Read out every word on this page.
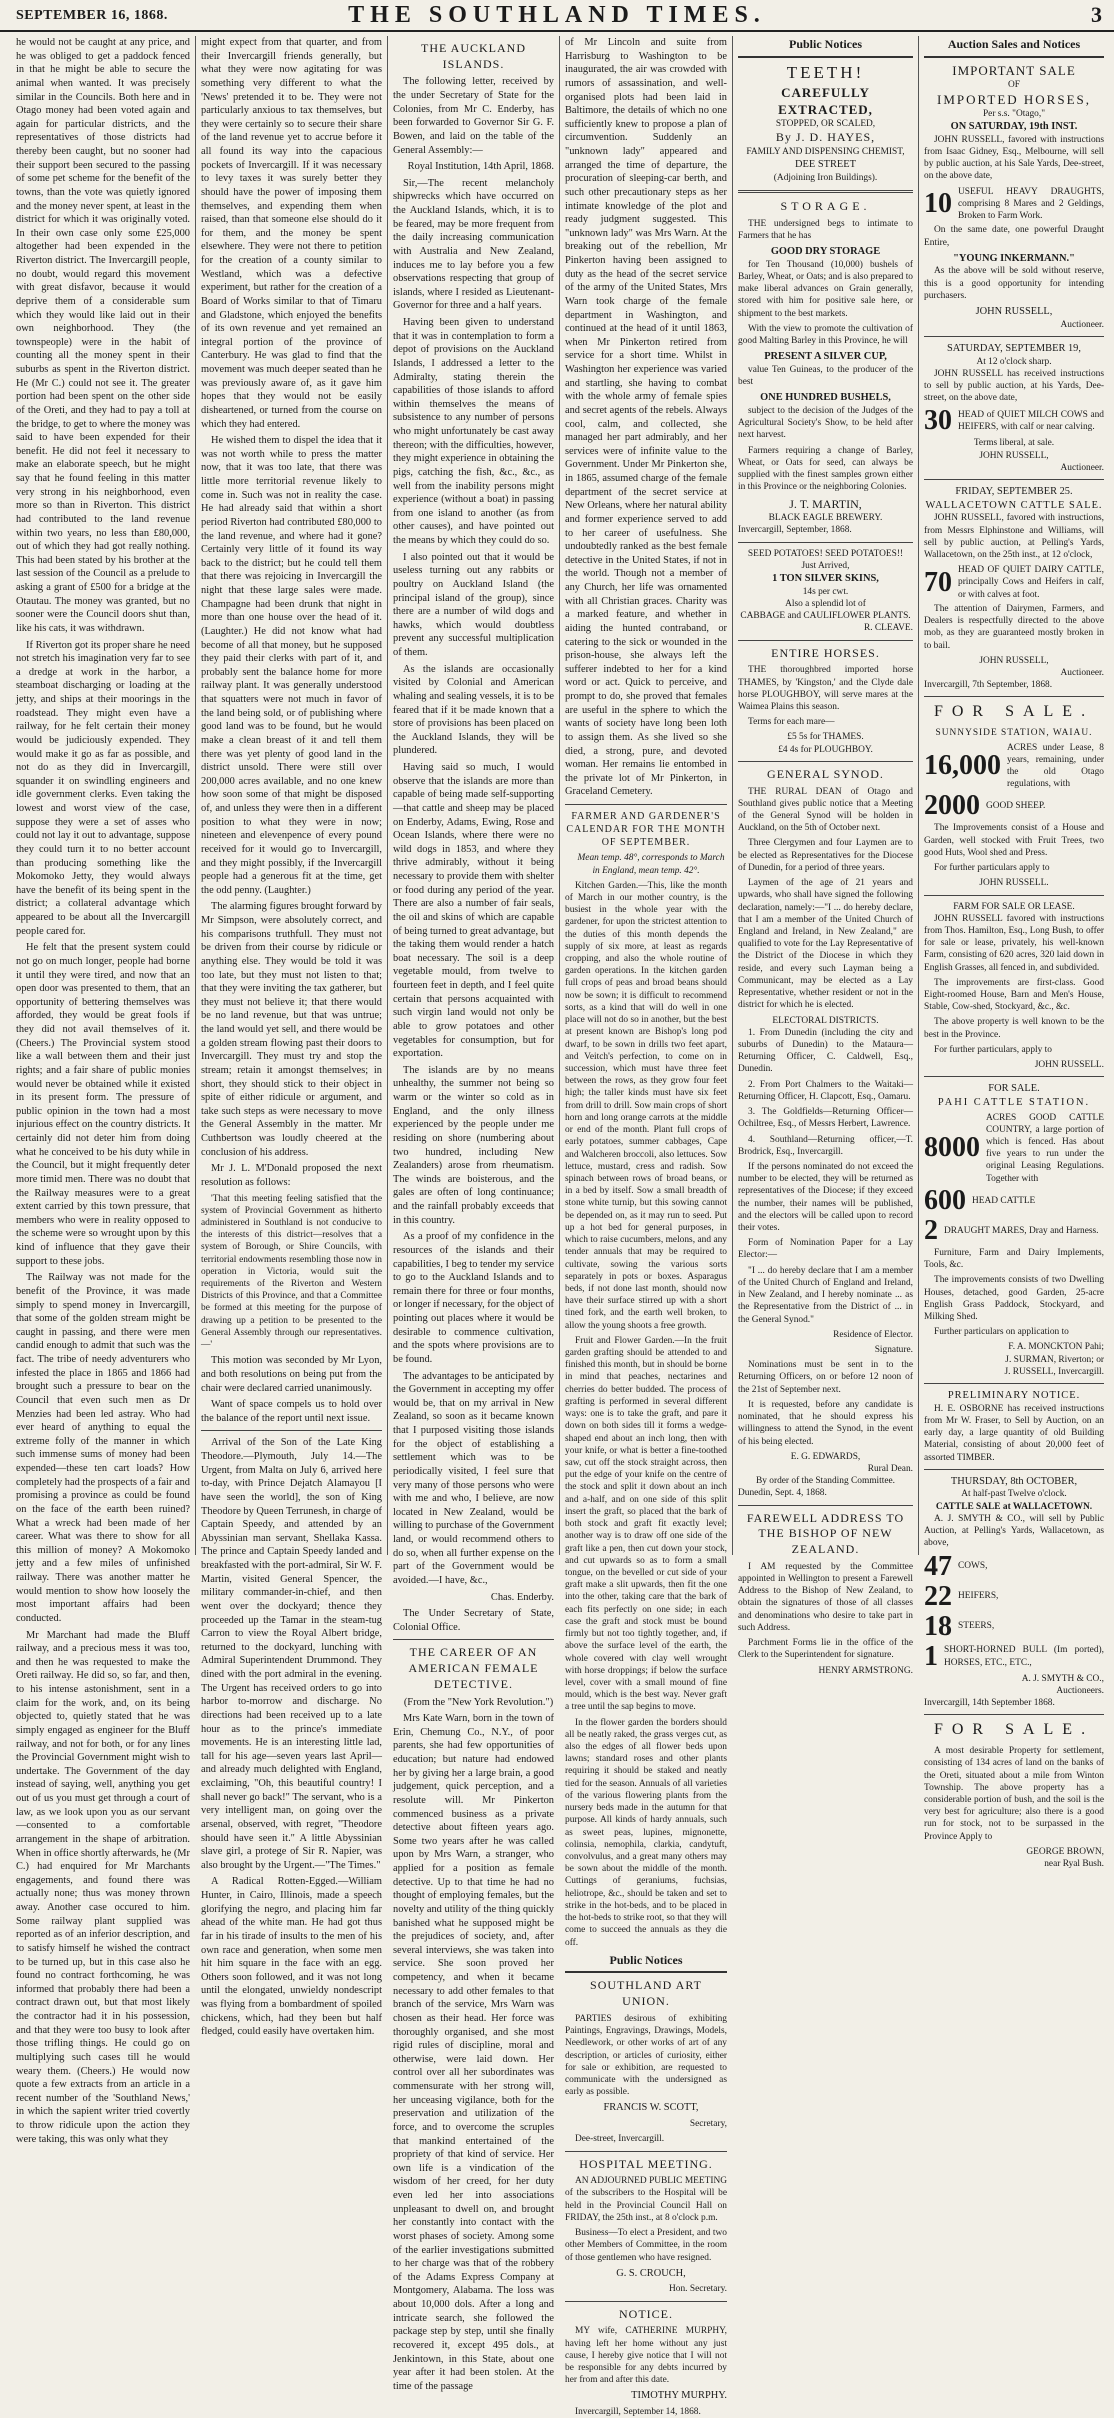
SEPTEMBER 16, 1868.	THE SOUTHLAND TIMES.	3

he would not be caught at any price, and he was obliged to get a paddock fenced in that he might be able to secure the animal when wanted. It was precisely similar in the Councils. Both here and in Otago money had been voted again and again for particular districts, and the representatives of those districts had thereby been caught, but no sooner had their support been secured to the passing of some pet scheme for the benefit of the towns, than the vote was quietly ignored and the money never spent, at least in the district for which it was originally voted. In their own case only some £25,000 altogether had been expended in the Riverton district. The Invercargill people, no doubt, would regard this movement with great disfavor, because it would deprive them of a considerable sum which they would like laid out in their own neighborhood. They (the townspeople) were in the habit of counting all the money spent in their suburbs as spent in the Riverton district. He (Mr C.) could not see it. The greater portion had been spent on the other side of the Oreti, and they had to pay a toll at the bridge, to get to where the money was said to have been expended for their benefit. He did not feel it necessary to make an elaborate speech, but he might say that he found feeling in this matter very strong in his neighborhood, even more so than in Riverton. This district had contributed to the land revenue within two years, no less than £80,000, out of which they had got really nothing. This had been stated by his brother at the last session of the Council as a prelude to asking a grant of £500 for a bridge at the Otautau. The money was granted, but no sooner were the Council doors shut than, like his cats, it was withdrawn.

If Riverton got its proper share he need not stretch his imagination very far to see a dredge at work in the harbor, a steamboat discharging or loading at the jetty, and ships at their moorings in the roadstead. They might even have a railway, for he felt certain their money would be judiciously expended. They would make it go as far as possible, and not do as they did in Invercargill, squander it on swindling engineers and idle government clerks. Even taking the lowest and worst view of the case, suppose they were a set of asses who could not lay it out to advantage, suppose they could turn it to no better account than producing something like the Mokomoko Jetty, they would always have the benefit of its being spent in the district; a collateral advantage which appeared to be about all the Invercargill people cared for.

He felt that the present system could not go on much longer, people had borne it until they were tired, and now that an open door was presented to them, that an opportunity of bettering themselves was afforded, they would be great fools if they did not avail themselves of it. (Cheers.) The Provincial system stood like a wall between them and their just rights; and a fair share of public monies would never be obtained while it existed in its present form. The pressure of public opinion in the town had a most injurious effect on the country districts. It certainly did not deter him from doing what he conceived to be his duty while in the Council, but it might frequently deter more timid men. There was no doubt that the Railway measures were to a great extent carried by this town pressure, that members who were in reality opposed to the scheme were so wrought upon by this kind of influence that they gave their support to these jobs.

The Railway was not made for the benefit of the Province, it was made simply to spend money in Invercargill, that some of the golden stream might be caught in passing, and there were men candid enough to admit that such was the fact. The tribe of needy adventurers who infested the place in 1865 and 1866 had brought such a pressure to bear on the Council that even such men as Dr Menzies had been led astray. Who had ever heard of anything to equal the extreme folly of the manner in which such immense sums of money had been expended—these ten cart loads? How completely had the prospects of a fair and promising a province as could be found on the face of the earth been ruined? What a wreck had been made of her career. What was there to show for all this million of money? A Mokomoko jetty and a few miles of unfinished railway. There was another matter he would mention to show how loosely the most important affairs had been conducted.

Mr Marchant had made the Bluff railway, and a precious mess it was too, and then he was requested to make the Oreti railway. He did so, so far, and then, to his intense astonishment, sent in a claim for the work, and, on its being objected to, quietly stated that he was simply engaged as engineer for the Bluff railway, and not for both, or for any lines the Provincial Government might wish to undertake. The Government of the day instead of saying, well, anything you get out of us you must get through a court of law, as we look upon you as our servant—consented to a comfortable arrangement in the shape of arbitration. When in office shortly afterwards, he (Mr C.) had enquired for Mr Marchants engagements, and found there was actually none; thus was money thrown away. Another case occured to him. Some railway plant supplied was reported as of an inferior description, and to satisfy himself he wished the contract to be turned up, but in this case also he found no contract forthcoming, he was informed that probably there had been a contract drawn out, but that most likely the contractor had it in his possession, and that they were too busy to look after those trifling things. He could go on multiplying such cases till he would weary them. (Cheers.) He would now quote a few extracts from an article in a recent number of the 'Southland News,' in which the sapient writer tried covertly to throw ridicule upon the action they were taking, this was only what they

might expect from that quarter, and from their Invercargill friends generally, but what they were now agitating for was something very different to what the 'News' pretended it to be. They were not particularly anxious to tax themselves, but they were certainly so to secure their share of the land revenue yet to accrue before it all found its way into the capacious pockets of Invercargill. If it was necessary to levy taxes it was surely better they should have the power of imposing them themselves, and expending them when raised, than that someone else should do it for them, and the money be spent elsewhere. They were not there to petition for the creation of a county similar to Westland, which was a defective experiment, but rather for the creation of a Board of Works similar to that of Timaru and Gladstone, which enjoyed the benefits of its own revenue and yet remained an integral portion of the province of Canterbury. He was glad to find that the movement was much deeper seated than he was previously aware of, as it gave him hopes that they would not be easily disheartened, or turned from the course on which they had entered.

He wished them to dispel the idea that it was not worth while to press the matter now, that it was too late, that there was little more territorial revenue likely to come in. Such was not in reality the case. He had already said that within a short period Riverton had contributed £80,000 to the land revenue, and where had it gone? Certainly very little of it found its way back to the district; but he could tell them that there was rejoicing in Invercargill the night that these large sales were made. Champagne had been drunk that night in more than one house over the head of it. (Laughter.) He did not know what had become of all that money, but he supposed they paid their clerks with part of it, and probably sent the balance home for more railway plant. It was generally understood that squatters were not much in favor of the land being sold, or of publishing where good land was to be found, but he would make a clean breast of it and tell them there was yet plenty of good land in the district unsold. There were still over 200,000 acres available, and no one knew how soon some of that might be disposed of, and unless they were then in a different position to what they were in now; nineteen and elevenpence of every pound received for it would go to Invercargill, and they might possibly, if the Invercargill people had a generous fit at the time, get the odd penny. (Laughter.)

The alarming figures brought forward by Mr Simpson, were absolutely correct, and his comparisons truthfull. They must not be driven from their course by ridicule or anything else. They would be told it was too late, but they must not listen to that; that they were inviting the tax gatherer, but they must not believe it; that there would be no land revenue, but that was untrue; the land would yet sell, and there would be a golden stream flowing past their doors to Invercargill. They must try and stop the stream; retain it amongst themselves; in short, they should stick to their object in spite of either ridicule or argument, and take such steps as were necessary to move the General Assembly in the matter. Mr Cuthbertson was loudly cheered at the conclusion of his address.

Mr J. L. M'Donald proposed the next resolution as follows:

'That this meeting feeling satisfied that the system of Provincial Government as hitherto administered in Southland is not conducive to the interests of this district—resolves that a system of Borough, or Shire Councils, with territorial endowments resembling those now in operation in Victoria, would suit the requirements of the Riverton and Western Districts of this Province, and that a Committee be formed at this meeting for the purpose of drawing up a petition to be presented to the General Assembly through our representatives.—'

This motion was seconded by Mr Lyon, and both resolutions on being put from the chair were declared carried unanimously.

Want of space compels us to hold over the balance of the report until next issue.

Arrival of the Son of the Late King Theodore.—Plymouth, July 14.—The Urgent, from Malta on July 6, arrived here to-day, with Prince Dejatch Alamayou [I have seen the world], the son of King Theodore by Queen Terrunesh, in charge of Captain Speedy, and attended by an Abyssinian man servant, Shellaka Kassa. The prince and Captain Speedy landed and breakfasted with the port-admiral, Sir W. F. Martin, visited General Spencer, the military commander-in-chief, and then went over the dockyard; thence they proceeded up the Tamar in the steam-tug Carron to view the Royal Albert bridge, returned to the dockyard, lunching with Admiral Superintendent Drummond. They dined with the port admiral in the evening. The Urgent has received orders to go into harbor to-morrow and discharge. No directions had been received up to a late hour as to the prince's immediate movements. He is an interesting little lad, tall for his age—seven years last April—and already much delighted with England, exclaiming, "Oh, this beautiful country! I shall never go back!" The servant, who is a very intelligent man, on going over the arsenal, observed, with regret, "Theodore should have seen it." A little Abyssinian slave girl, a protege of Sir R. Napier, was also brought by the Urgent.—"The Times."

A Radical Rotten-Egged.—William Hunter, in Cairo, Illinois, made a speech glorifying the negro, and placing him far ahead of the white man. He had got thus far in his tirade of insults to the men of his own race and generation, when some men hit him square in the face with an egg. Others soon followed, and it was not long until the elongated, unwieldy nondescript was flying from a bombardment of spoiled chickens, which, had they been but half fledged, could easily have overtaken him.

THE AUCKLAND ISLANDS.

The following letter, received by the under Secretary of State for the Colonies, from Mr C. Enderby, has been forwarded to Governor Sir G. F. Bowen, and laid on the table of the General Assembly:—

Royal Institution, 14th April, 1868.

Sir,—The recent melancholy shipwrecks which have occurred on the Auckland Islands, which, it is to be feared, may be more frequent from the daily increasing communication with Australia and New Zealand, induces me to lay before you a few observations respecting that group of islands, where I resided as Lieutenant-Governor for three and a half years.

Having been given to understand that it was in contemplation to form a depot of provisions on the Auckland Islands, I addressed a letter to the Admiralty, stating therein the capabilities of those islands to afford within themselves the means of subsistence to any number of persons who might unfortunately be cast away thereon; with the difficulties, however, they might experience in obtaining the pigs, catching the fish, &c., &c., as well from the inability persons might experience (without a boat) in passing from one island to another (as from other causes), and have pointed out the means by which they could do so.

I also pointed out that it would be useless turning out any rabbits or poultry on Auckland Island (the principal island of the group), since there are a number of wild dogs and hawks, which would doubtless prevent any successful multiplication of them.

As the islands are occasionally visited by Colonial and American whaling and sealing vessels, it is to be feared that if it be made known that a store of provisions has been placed on the Auckland Islands, they will be plundered.

Having said so much, I would observe that the islands are more than capable of being made self-supporting—that cattle and sheep may be placed on Enderby, Adams, Ewing, Rose and Ocean Islands, where there were no wild dogs in 1853, and where they thrive admirably, without it being necessary to provide them with shelter or food during any period of the year. There are also a number of fair seals, the oil and skins of which are capable of being turned to great advantage, but the taking them would render a hatch boat necessary. The soil is a deep vegetable mould, from twelve to fourteen feet in depth, and I feel quite certain that persons acquainted with such virgin land would not only be able to grow potatoes and other vegetables for consumption, but for exportation.

The islands are by no means unhealthy, the summer not being so warm or the winter so cold as in England, and the only illness experienced by the people under me residing on shore (numbering about two hundred, including New Zealanders) arose from rheumatism. The winds are boisterous, and the gales are often of long continuance; and the rainfall probably exceeds that in this country.

As a proof of my confidence in the resources of the islands and their capabilities, I beg to tender my service to go to the Auckland Islands and to remain there for three or four months, or longer if necessary, for the object of pointing out places where it would be desirable to commence cultivation, and the spots where provisions are to be found.

The advantages to be anticipated by the Government in accepting my offer would be, that on my arrival in New Zealand, so soon as it became known that I purposed visiting those islands for the object of establishing a settlement which was to be periodically visited, I feel sure that very many of those persons who were with me and who, I believe, are now located in New Zealand, would be willing to purchase of the Government land, or would recommend others to do so, when all further expense on the part of the Government would be avoided.—I have, &c.,

Chas. Enderby.

The Under Secretary of State, Colonial Office.

THE CAREER OF AN AMERICAN FEMALE DETECTIVE.

(From the "New York Revolution.")

Mrs Kate Warn, born in the town of Erin, Chemung Co., N.Y., of poor parents, she had few opportunities of education; but nature had endowed her by giving her a large brain, a good judgement, quick perception, and a resolute will. Mr Pinkerton commenced business as a private detective about fifteen years ago. Some two years after he was called upon by Mrs Warn, a stranger, who applied for a position as female detective. Up to that time he had no thought of employing females, but the novelty and utility of the thing quickly banished what he supposed might be the prejudices of society, and, after several interviews, she was taken into service. She soon proved her competency, and when it became necessary to add other females to that branch of the service, Mrs Warn was chosen as their head. Her force was thoroughly organised, and she most rigid rules of discipline, moral and otherwise, were laid down. Her control over all her subordinates was commensurate with her strong will, her unceasing vigilance, both for the preservation and utilization of the force, and to overcome the scruples that mankind entertained of the propriety of that kind of service. Her own life is a vindication of the wisdom of her creed, for her duty even led her into associations unpleasant to dwell on, and brought her constantly into contact with the worst phases of society. Among some of the earlier investigations submitted to her charge was that of the robbery of the Adams Express Company at Montgomery, Alabama. The loss was about 10,000 dols. After a long and intricate search, she followed the package step by step, until she finally recovered it, except 495 dols., at Jenkintown, in this State, about one year after it had been stolen. At the time of the passage

of Mr Lincoln and suite from Harrisburg to Washington to be inaugurated, the air was crowded with rumors of assassination, and well-organised plots had been laid in Baltimore, the details of which no one sufficiently knew to propose a plan of circumvention. Suddenly an "unknown lady" appeared and arranged the time of departure, the procuration of sleeping-car berth, and such other precautionary steps as her intimate knowledge of the plot and ready judgment suggested. This "unknown lady" was Mrs Warn. At the breaking out of the rebellion, Mr Pinkerton having been assigned to duty as the head of the secret service of the army of the United States, Mrs Warn took charge of the female department in Washington, and continued at the head of it until 1863, when Mr Pinkerton retired from service for a short time. Whilst in Washington her experience was varied and startling, she having to combat with the whole army of female spies and secret agents of the rebels. Always cool, calm, and collected, she managed her part admirably, and her services were of infinite value to the Government. Under Mr Pinkerton she, in 1865, assumed charge of the female department of the secret service at New Orleans, where her natural ability and former experience served to add to her career of usefulness. She undoubtedly ranked as the best female detective in the United States, if not in the world. Though not a member of any Church, her life was ornamented with all Christian graces. Charity was a marked feature, and whether in aiding the hunted contraband, or catering to the sick or wounded in the prison-house, she always left the sufferer indebted to her for a kind word or act. Quick to perceive, and prompt to do, she proved that females are useful in the sphere to which the wants of society have long been loth to assign them. As she lived so she died, a strong, pure, and devoted woman. Her remains lie entombed in the private lot of Mr Pinkerton, in Graceland Cemetery.

FARMER AND GARDENER'S CALENDAR FOR THE MONTH OF SEPTEMBER.

Mean temp. 48°, corresponds to March in England, mean temp. 42°.

Kitchen Garden.—This, like the month of March in our mother country, is the busiest in the whole year with the gardener, for upon the strictest attention to the duties of this month depends the supply of six more, at least as regards cropping, and also the whole routine of garden operations. In the kitchen garden full crops of peas and broad beans should now be sown; it is difficult to recommend sorts, as a kind that will do well in one place will not do so in another, but the best at present known are Bishop's long pod dwarf, to be sown in drills two feet apart, and Veitch's perfection, to come on in succession, which must have three feet between the rows, as they grow four feet high; the taller kinds must have six feet from drill to drill. Sow main crops of short horn and long orange carrots at the middle or end of the month. Plant full crops of early potatoes, summer cabbages, Cape and Walcheren broccoli, also lettuces. Sow lettuce, mustard, cress and radish. Sow spinach between rows of broad beans, or in a bed by itself. Sow a small breadth of stone white turnip, but this sowing cannot be depended on, as it may run to seed. Put up a hot bed for general purposes, in which to raise cucumbers, melons, and any tender annuals that may be required to cultivate, sowing the various sorts separately in pots or boxes. Asparagus beds, if not done last month, should now have their surface stirred up with a short tined fork, and the earth well broken, to allow the young shoots a free growth.

Fruit and Flower Garden.—In the fruit garden grafting should be attended to and finished this month, but in should be borne in mind that peaches, nectarines and cherries do better budded. The process of grafting is performed in several different ways: one is to take the graft, and pare it down on both sides till it forms a wedge-shaped end about an inch long, then with your knife, or what is better a fine-toothed saw, cut off the stock straight across, then put the edge of your knife on the centre of the stock and split it down about an inch and a-half, and on one side of this split insert the graft, so placed that the bark of both stock and graft fit exactly level; another way is to draw off one side of the graft like a pen, then cut down your stock, and cut upwards so as to form a small tongue, on the bevelled or cut side of your graft make a slit upwards, then fit the one into the other, taking care that the bark of each fits perfectly on one side; in each case the graft and stock must be bound firmly but not too tightly together, and, if above the surface level of the earth, the whole covered with clay well wrought with horse droppings; if below the surface level, cover with a small mound of fine mould, which is the best way. Never graft a tree until the sap begins to move.

In the flower garden the borders should all be neatly raked, the grass verges cut, as also the edges of all flower beds upon lawns; standard roses and other plants requiring it should be staked and neatly tied for the season. Annuals of all varieties of the various flowering plants from the nursery beds made in the autumn for that purpose. All kinds of hardy annuals, such as sweet peas, lupines, mignonette, colinsia, nemophila, clarkia, candytuft, convolvulus, and a great many others may be sown about the middle of the month. Cuttings of geraniums, fuchsias, heliotrope, &c., should be taken and set to strike in the hot-beds, and to be placed in the hot-beds to strike root, so that they will come to succeed the annuals as they die off.

Public Notices
SOUTHLAND ART UNION.

PARTIES desirous of exhibiting Paintings, Engravings, Drawings, Models, Needlework, or other works of art of any description, or articles of curiosity, either for sale or exhibition, are requested to communicate with the undersigned as early as possible.

FRANCIS W. SCOTT,

Secretary,

Dee-street, Invercargill.

HOSPITAL MEETING.

AN ADJOURNED PUBLIC MEETING of the subscribers to the Hospital will be held in the Provincial Council Hall on FRIDAY, the 25th inst., at 8 o'clock p.m.

Business—To elect a President, and two other Members of Committee, in the room of those gentlemen who have resigned.

G. S. CROUCH,

Hon. Secretary.

NOTICE.

MY wife, CATHERINE MURPHY, having left her home without any just cause, I hereby give notice that I will not be responsible for any debts incurred by her from and after this date.

TIMOTHY MURPHY.

Invercargill, September 14, 1868.

Public Notices
TEETH!
CAREFULLY EXTRACTED,
STOPPED, OR SCALED,
By J. D. HAYES,
FAMILY AND DISPENSING CHEMIST,
DEE STREET
(Adjoining Iron Buildings).
STORAGE.

THE undersigned begs to intimate to Farmers that he has

GOOD DRY STORAGE

for Ten Thousand (10,000) bushels of Barley, Wheat, or Oats; and is also prepared to make liberal advances on Grain generally, stored with him for positive sale here, or shipment to the best markets.

With the view to promote the cultivation of good Malting Barley in this Province, he will

PRESENT A SILVER CUP,

value Ten Guineas, to the producer of the best

ONE HUNDRED BUSHELS,

subject to the decision of the Judges of the Agricultural Society's Show, to be held after next harvest.

Farmers requiring a change of Barley, Wheat, or Oats for seed, can always be supplied with the finest samples grown either in this Province or the neighboring Colonies.

J. T. MARTIN,
BLACK EAGLE BREWERY.
Invercargill, September, 1868.
SEED POTATOES! SEED POTATOES!!
Just Arrived,
1 TON SILVER SKINS,
14s per cwt.
Also a splendid lot of
CABBAGE and CAULIFLOWER PLANTS.
R. CLEAVE.
ENTIRE HORSES.

THE thoroughbred imported horse THAMES, by 'Kingston,' and the Clyde dale horse PLOUGHBOY, will serve mares at the Waimea Plains this season.

Terms for each mare—

£5 5s for THAMES.
£4 4s for PLOUGHBOY.
GENERAL SYNOD.

THE RURAL DEAN of Otago and Southland gives public notice that a Meeting of the General Synod will be holden in Auckland, on the 5th of October next.

Three Clergymen and four Laymen are to be elected as Representatives for the Diocese of Dunedin, for a period of three years.

Laymen of the age of 21 years and upwards, who shall have signed the following declaration, namely:—"I ... do hereby declare, that I am a member of the United Church of England and Ireland, in New Zealand," are qualified to vote for the Lay Representative of the District of the Diocese in which they reside, and every such Layman being a Communicant, may be elected as a Lay Representative, whether resident or not in the district for which he is elected.

ELECTORAL DISTRICTS.

1. From Dunedin (including the city and suburbs of Dunedin) to the Mataura—Returning Officer, C. Caldwell, Esq., Dunedin.

2. From Port Chalmers to the Waitaki—Returning Officer, H. Clapcott, Esq., Oamaru.

3. The Goldfields—Returning Officer—Ochiltree, Esq., of Messrs Herbert, Lawrence.

4. Southland—Returning officer,—T. Brodrick, Esq., Invercargill.

If the persons nominated do not exceed the number to be elected, they will be returned as representatives of the Diocese; if they exceed the number, their names will be published, and the electors will be called upon to record their votes.

Form of Nomination Paper for a Lay Elector:—

"I ... do hereby declare that I am a member of the United Church of England and Ireland, in New Zealand, and I hereby nominate ... as the Representative from the District of ... in the General Synod."

Residence of Elector.

Signature.

Nominations must be sent in to the Returning Officers, on or before 12 noon of the 21st of September next.

It is requested, before any candidate is nominated, that he should express his willingness to attend the Synod, in the event of his being elected.

E. G. EDWARDS,
Rural Dean.
By order of the Standing Committee.
Dunedin, Sept. 4, 1868.
FAREWELL ADDRESS TO THE BISHOP OF NEW ZEALAND.

I AM requested by the Committee appointed in Wellington to present a Farewell Address to the Bishop of New Zealand, to obtain the signatures of those of all classes and denominations who desire to take part in such Address.

Parchment Forms lie in the office of the Clerk to the Superintendent for signature.

HENRY ARMSTRONG.
Auction Sales and Notices
IMPORTANT SALE
OF
IMPORTED HORSES,
Per s.s. "Otago,"
ON SATURDAY, 19th INST.

JOHN RUSSELL, favored with instructions from Isaac Gidney, Esq., Melbourne, will sell by public auction, at his Sale Yards, Dee-street, on the above date,

10 USEFUL HEAVY DRAUGHTS, comprising 8 Mares and 2 Geldings, Broken to Farm Work.

On the same date, one powerful Draught Entire,

"YOUNG INKERMANN."

As the above will be sold without reserve, this is a good opportunity for intending purchasers.

JOHN RUSSELL,
Auctioneer.
SATURDAY, SEPTEMBER 19,
At 12 o'clock sharp.

JOHN RUSSELL has received instructions to sell by public auction, at his Yards, Dee-street, on the above date,

30 HEAD of QUIET MILCH COWS and HEIFERS, with calf or near calving.
Terms liberal, at sale.
JOHN RUSSELL,
Auctioneer.
FRIDAY, SEPTEMBER 25.
WALLACETOWN CATTLE SALE.

JOHN RUSSELL, favored with instructions, from Messrs Elphinstone and Williams, will sell by public auction, at Pelling's Yards, Wallacetown, on the 25th inst., at 12 o'clock,

70 HEAD OF QUIET DAIRY CATTLE, principally Cows and Heifers in calf, or with calves at foot.

The attention of Dairymen, Farmers, and Dealers is respectfully directed to the above mob, as they are guaranteed mostly broken in to bail.

JOHN RUSSELL,
Auctioneer.
Invercargill, 7th September, 1868.
FOR SALE.
SUNNYSIDE STATION, WAIAU.
16,000
ACRES under Lease, 8 years, remaining, under the old Otago regulations, with
2000 GOOD SHEEP.

The Improvements consist of a House and Garden, well stocked with Fruit Trees, two good Huts, Wool shed and Press.

For further particulars apply to

JOHN RUSSELL.
FARM FOR SALE OR LEASE.

JOHN RUSSELL favored with instructions from Thos. Hamilton, Esq., Long Bush, to offer for sale or lease, privately, his well-known Farm, consisting of 620 acres, 320 laid down in English Grasses, all fenced in, and subdivided.

The improvements are first-class. Good Eight-roomed House, Barn and Men's House, Stable, Cow-shed, Stockyard, &c., &c.

The above property is well known to be the best in the Province.

For further particulars, apply to

JOHN RUSSELL.
FOR SALE.
PAHI CATTLE STATION.
8000
ACRES GOOD CATTLE COUNTRY, a large portion of which is fenced. Has about five years to run under the original Leasing Regulations. Together with
600 HEAD CATTLE
2 DRAUGHT MARES, Dray and Harness.

Furniture, Farm and Dairy Implements, Tools, &c.

The improvements consists of two Dwelling Houses, detached, good Garden, 25-acre English Grass Paddock, Stockyard, and Milking Shed.

Further particulars on application to

F. A. MONCKTON Pahi;
J. SURMAN, Riverton; or
J. RUSSELL, Invercargill.
PRELIMINARY NOTICE.

H. E. OSBORNE has received instructions from Mr W. Fraser, to Sell by Auction, on an early day, a large quantity of old Building Material, consisting of about 20,000 feet of assorted TIMBER.

THURSDAY, 8th OCTOBER,
At half-past Twelve o'clock.
CATTLE SALE at WALLACETOWN.

A. J. SMYTH & CO., will sell by Public Auction, at Pelling's Yards, Wallacetown, as above,

47 COWS,
22 HEIFERS,
18 STEERS,
1 SHORT-HORNED BULL (Im ported), HORSES, ETC., ETC.,
A. J. SMYTH & CO.,
Auctioneers.
Invercargill, 14th September 1868.
FOR SALE.

A most desirable Property for settlement, consisting of 134 acres of land on the banks of the Oreti, situated about a mile from Winton Township. The above property has a considerable portion of bush, and the soil is the very best for agriculture; also there is a good run for stock, not to be surpassed in the Province Apply to

GEORGE BROWN,
near Ryal Bush.
